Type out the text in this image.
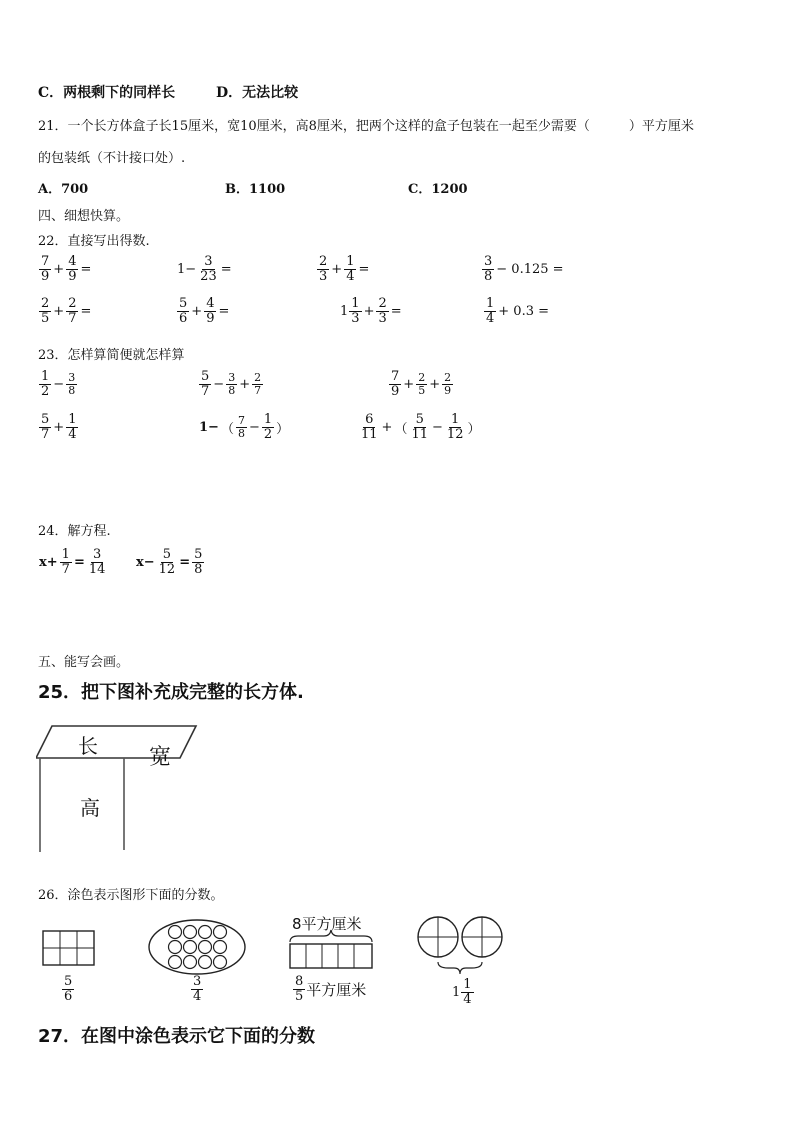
C．两根剩下的同样长	D．无法比较
21．一个长方体盒子长15厘米，宽10厘米，高8厘米，把两个这样的盒子包装在一起至少需要（　　　）平方厘米
的包装纸（不计接口处）.
A．700	B．1100	C．1200
四、细想快算。
22．直接写出得数.
$\frac{7}{9} + \frac{4}{9}$ =	$1- \frac{3}{23}$ =	$\frac{2}{3} + \frac{1}{4}$ =	$\frac{3}{8} - 0.125$ =
$\frac{2}{5} + \frac{2}{7}$ =	$\frac{5}{6} + \frac{4}{9}$ =	$1 \frac{1}{3} + \frac{2}{3}$ =	$\frac{1}{4} + 0.3$ =
23．怎样算简便就怎样算
$\frac{1}{2} - \frac{3}{8}$	$\frac{5}{7} - \frac{3}{8} + \frac{2}{7}$	$\frac{7}{9} + \frac{2}{5} + \frac{2}{9}$
$\frac{5}{7} + \frac{1}{4}$	1− （ $\frac{7}{8} - \frac{1}{2}$ ）	$\frac{6}{11}$ + （ $\frac{5}{11} - \frac{1}{12}$ ）
24．解方程.
$x+ \frac{1}{7} = \frac{3}{14} x- \frac{5}{12} = \frac{5}{8}$
五、能写会画。
25．把下图补充成完整的长方体.
长 宽
高
26．涂色表示图形下面的分数。
$\frac{5}{6}$	$\frac{3}{4}$
8平方厘米
$\frac{8}{5}$ 平方厘米	$1 \frac{1}{4}$
27．在图中涂色表示它下面的分数
